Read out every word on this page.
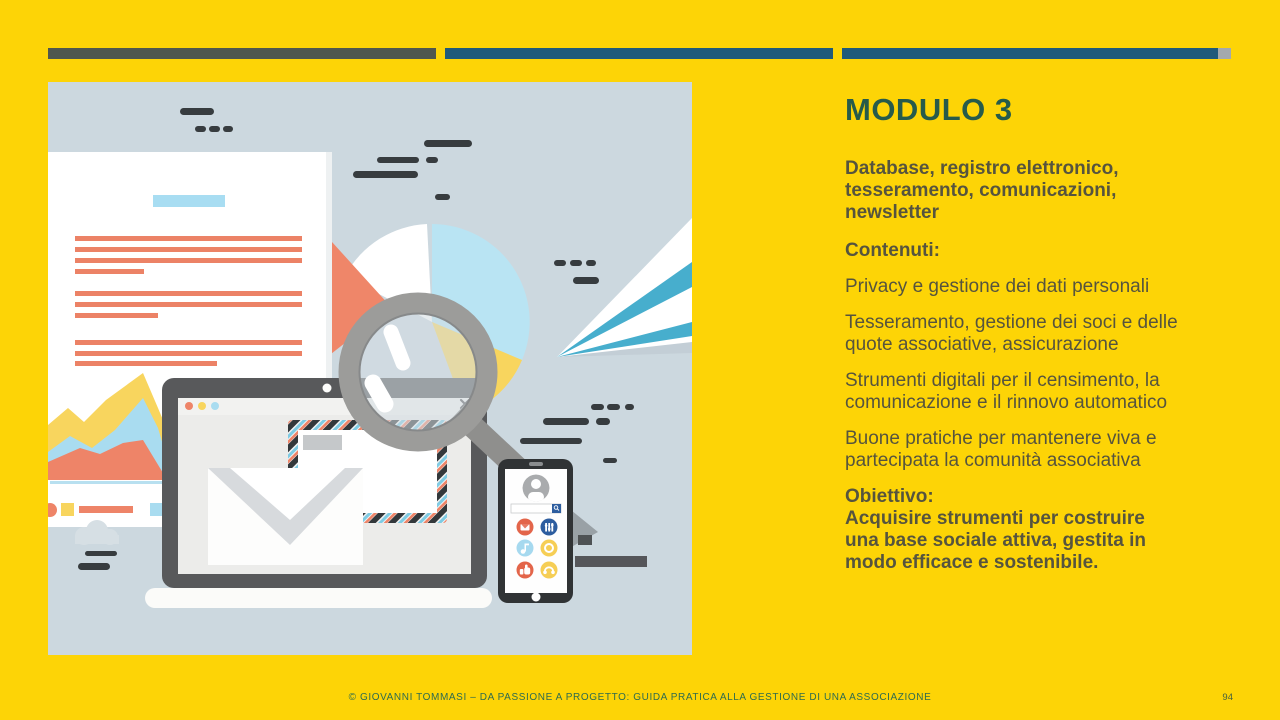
MODULO 3
Database, registro elettronico,
tesseramento, comunicazioni,
newsletter
Contenuti:
Privacy e gestione dei dati personali
Tesseramento, gestione dei soci e delle
quote associative, assicurazione
Strumenti digitali per il censimento, la
comunicazione e il rinnovo automatico
Buone pratiche per mantenere viva e
partecipata la comunità associativa
Obiettivo:
Acquisire strumenti per costruire
una base sociale attiva, gestita in
modo efficace e sostenibile.
© GIOVANNI TOMMASI – DA PASSIONE A PROGETTO: GUIDA PRATICA ALLA GESTIONE DI UNA ASSOCIAZIONE	94
